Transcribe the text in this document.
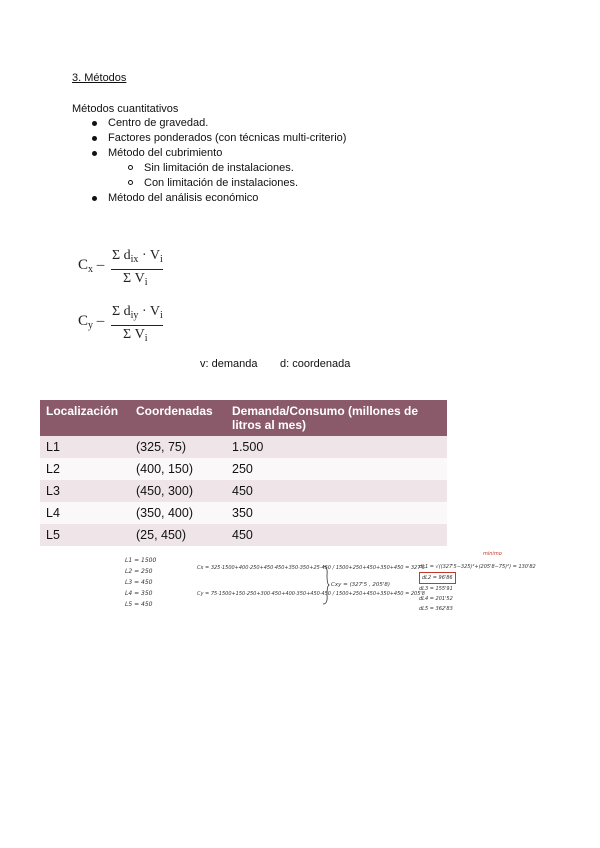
3. Métodos
Métodos cuantitativos
Centro de gravedad.
Factores ponderados (con técnicas multi-criterio)
Método del cubrimiento
Sin limitación de instalaciones.
Con limitación de instalaciones.
Método del análisis económico
$C_x$ –
Σ $d_{ix} \cdot V_i$
Σ $V_i$
$C_y$ –
Σ $d_{iy} \cdot V_i$
Σ $V_i$
v: demanda d: coordenada
Localización	Coordenadas	Demanda/Consumo (millones de litros al mes)
L1	(325, 75)	1.500
L2	(400, 150)	250
L3	(450, 300)	450
L4	(350, 400)	350
L5	(25, 450)	450
L1 = 1500
L2 = 250
L3 = 450
L4 = 350
L5 = 450
Cx = 325·1500+400·250+450·450+350·350+25·450 / 1500+250+450+350+450 = 327'5
Cy = 75·1500+150·250+300·450+400·350+450·450 / 1500+250+450+350+450 = 205'8
Cxy = (327'5 , 205'8)
minimo
dL1 = √((327'5−325)²+(205'8−75)²) = 130'82
dL2 = 96'86
dL3 = 155'91
dL4 = 201'52
dL5 = 362'83
